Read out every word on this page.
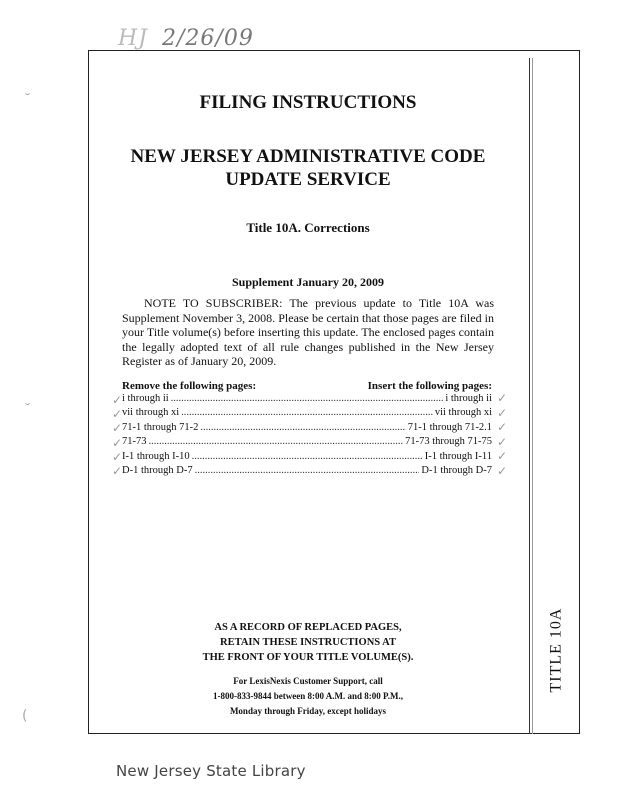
HJ 2/26/09
˘
˘
(
FILING INSTRUCTIONS
NEW JERSEY ADMINISTRATIVE CODE
UPDATE SERVICE
Title 10A. Corrections
Supplement January 20, 2009
NOTE TO SUBSCRIBER: The previous update to Title 10A was Supplement November 3, 2008. Please be certain that those pages are filed in your Title volume(s) before inserting this update. The enclosed pages contain the legally adopted text of all rule changes published in the New Jersey Register as of January 20, 2009.
Remove the following pages:	Insert the following pages:
i through ii .....	i through ii
vii through xi .....	vii through xi
71-1 through 71-2 .....	71-1 through 71-2.1
71-73 .....	71-73 through 71-75
I-1 through I-10 .....	I-1 through I-11
D-1 through D-7 .....	D-1 through D-7
✓
✓
✓
✓
✓
✓
✓
✓
✓
✓
✓
✓
AS A RECORD OF REPLACED PAGES,
RETAIN THESE INSTRUCTIONS AT
THE FRONT OF YOUR TITLE VOLUME(S).
For LexisNexis Customer Support, call
1-800-833-9844 between 8:00 A.M. and 8:00 P.M.,
Monday through Friday, except holidays
TITLE 10A
New Jersey State Library
